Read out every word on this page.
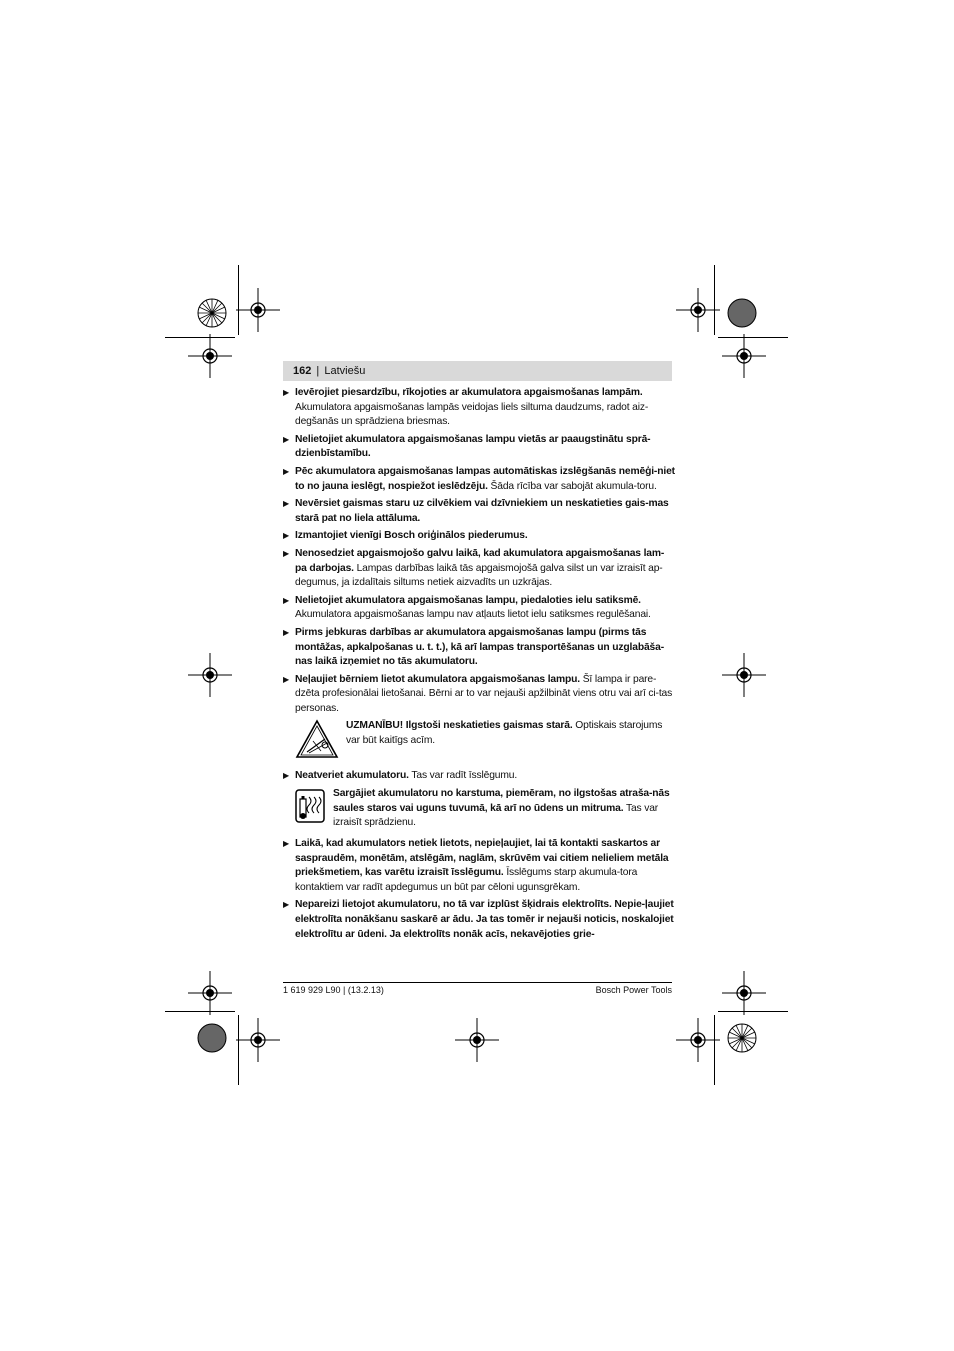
162 | Latviešu
▶ Ievērojiet piesardzību, rīkojoties ar akumulatora apgaismošanas lampām. Akumulatora apgaismošanas lampās veidojas liels siltuma daudzums, radot aiz-degšanās un sprādziena briesmas.
▶ Nelietojiet akumulatora apgaismošanas lampu vietās ar paaugstinātu sprā-dzienbīstamību.
▶ Pēc akumulatora apgaismošanas lampas automātiskas izslēgšanās nemēģi-niet to no jauna ieslēgt, nospiežot ieslēdzēju. Šāda rīcība var sabojāt akumula-toru.
▶ Nevērsiet gaismas staru uz cilvēkiem vai dzīvniekiem un neskatieties gais-mas starā pat no liela attāluma.
▶ Izmantojiet vienīgi Bosch oriģinālos piederumus.
▶ Nenosedziet apgaismojošo galvu laikā, kad akumulatora apgaismošanas lam-pa darbojas. Lampas darbības laikā tās apgaismojošā galva silst un var izraisīt ap-degumus, ja izdalītais siltums netiek aizvadīts un uzkrājas.
▶ Nelietojiet akumulatora apgaismošanas lampu, piedaloties ielu satiksmē. Akumulatora apgaismošanas lampu nav atļauts lietot ielu satiksmes regulēšanai.
▶ Pirms jebkuras darbības ar akumulatora apgaismošanas lampu (pirms tās montāžas, apkalpošanas u. t. t.), kā arī lampas transportēšanas un uzglabāša-nas laikā izņemiet no tās akumulatoru.
▶ Neļaujiet bērniem lietot akumulatora apgaismošanas lampu. Šī lampa ir pare-dzēta profesionālai lietošanai. Bērni ar to var nejauši apžilbināt viens otru vai arī ci-tas personas.
UZMANĪBU! Ilgstoši neskatieties gaismas starā. Optiskais starojums var būt kaitīgs acīm.
▶ Neatveriet akumulatoru. Tas var radīt īsslēgumu.
Sargājiet akumulatoru no karstuma, piemēram, no ilgstošas atraša-nās saules staros vai uguns tuvumā, kā arī no ūdens un mitruma. Tas var izraisīt sprādzienu.
▶ Laikā, kad akumulators netiek lietots, nepieļaujiet, lai tā kontakti saskartos ar saspraudēm, monētām, atslēgām, naglām, skrūvēm vai citiem nelieliem metāla priekšmetiem, kas varētu izraisīt īsslēgumu. Īsslēgums starp akumula-tora kontaktiem var radīt apdegumus un būt par cēloni ugunsgrēkam.
▶ Nepareizi lietojot akumulatoru, no tā var izplūst šķidrais elektrolīts. Nepie-ļaujiet elektrolīta nonākšanu saskarē ar ādu. Ja tas tomēr ir nejauši noticis, noskalojiet elektrolītu ar ūdeni. Ja elektrolīts nonāk acīs, nekavējoties grie-
1 619 929 L90 | (13.2.13)	Bosch Power Tools
